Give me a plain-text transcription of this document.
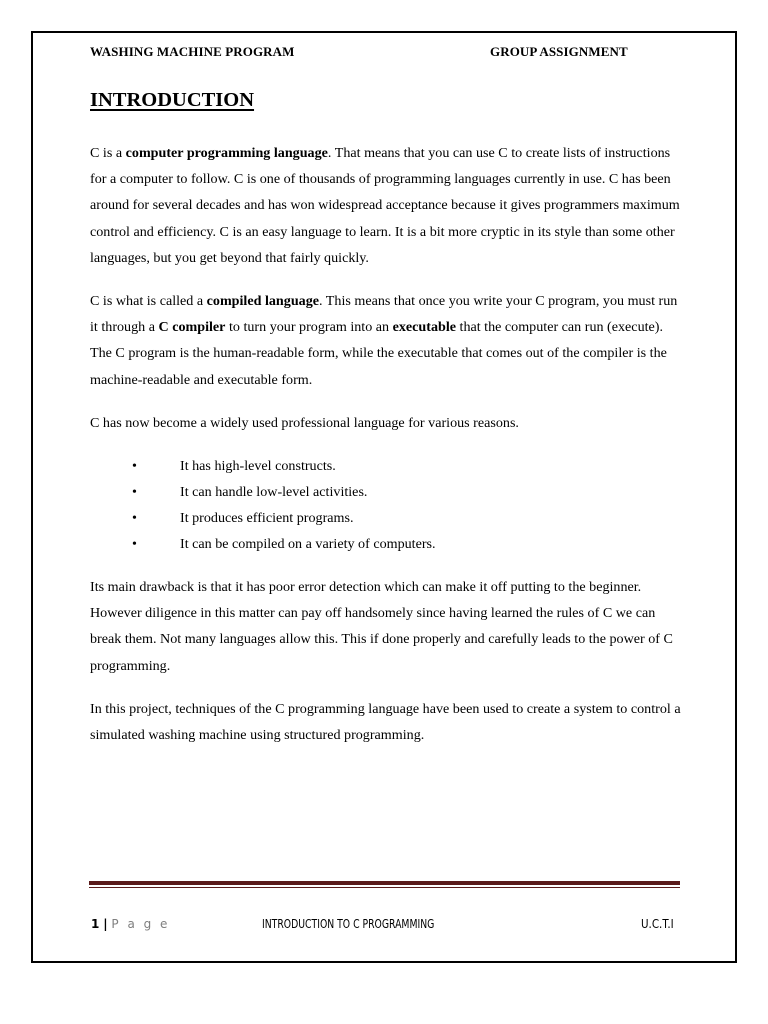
WASHING MACHINE PROGRAM	GROUP ASSIGNMENT
INTRODUCTION

C is a computer programming language. That means that you can use C to create lists of instructions for a computer to follow. C is one of thousands of programming languages currently in use. C has been around for several decades and has won widespread acceptance because it gives programmers maximum control and efficiency. C is an easy language to learn. It is a bit more cryptic in its style than some other languages, but you get beyond that fairly quickly.

C is what is called a compiled language. This means that once you write your C program, you must run it through a C compiler to turn your program into an executable that the computer can run (execute). The C program is the human-readable form, while the executable that comes out of the compiler is the machine-readable and executable form.

C has now become a widely used professional language for various reasons.

•	It has high-level constructs.
•	It can handle low-level activities.
•	It produces efficient programs.
•	It can be compiled on a variety of computers.

Its main drawback is that it has poor error detection which can make it off putting to the beginner. However diligence in this matter can pay off handsomely since having learned the rules of C we can break them. Not many languages allow this. This if done properly and carefully leads to the power of C programming.

In this project, techniques of the C programming language have been used to create a system to control a simulated washing machine using structured programming.

1 | P a g e	INTRODUCTION TO C PROGRAMMING	U.C.T.I
